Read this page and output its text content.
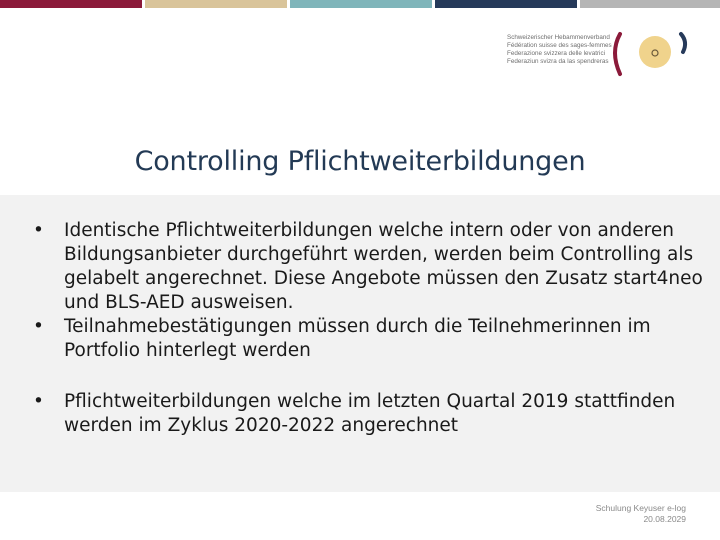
Schweizerischer Hebammenverband
Fédération suisse des sages-femmes
Federazione svizzera delle levatrici
Federaziun svizra da las spendreras
Controlling Pflichtweiterbildungen
• Identische Pflichtweiterbildungen welche intern oder von anderen Bildungsanbieter durchgeführt werden, werden beim Controlling als gelabelt angerechnet. Diese Angebote müssen den Zusatz start4neo und BLS-AED ausweisen.
• Teilnahmebestätigungen müssen durch die Teilnehmerinnen im Portfolio hinterlegt werden
• Pflichtweiterbildungen welche im letzten Quartal 2019 stattfinden werden im Zyklus 2020-2022 angerechnet
Schulung Keyuser e-log
20.08.2029
